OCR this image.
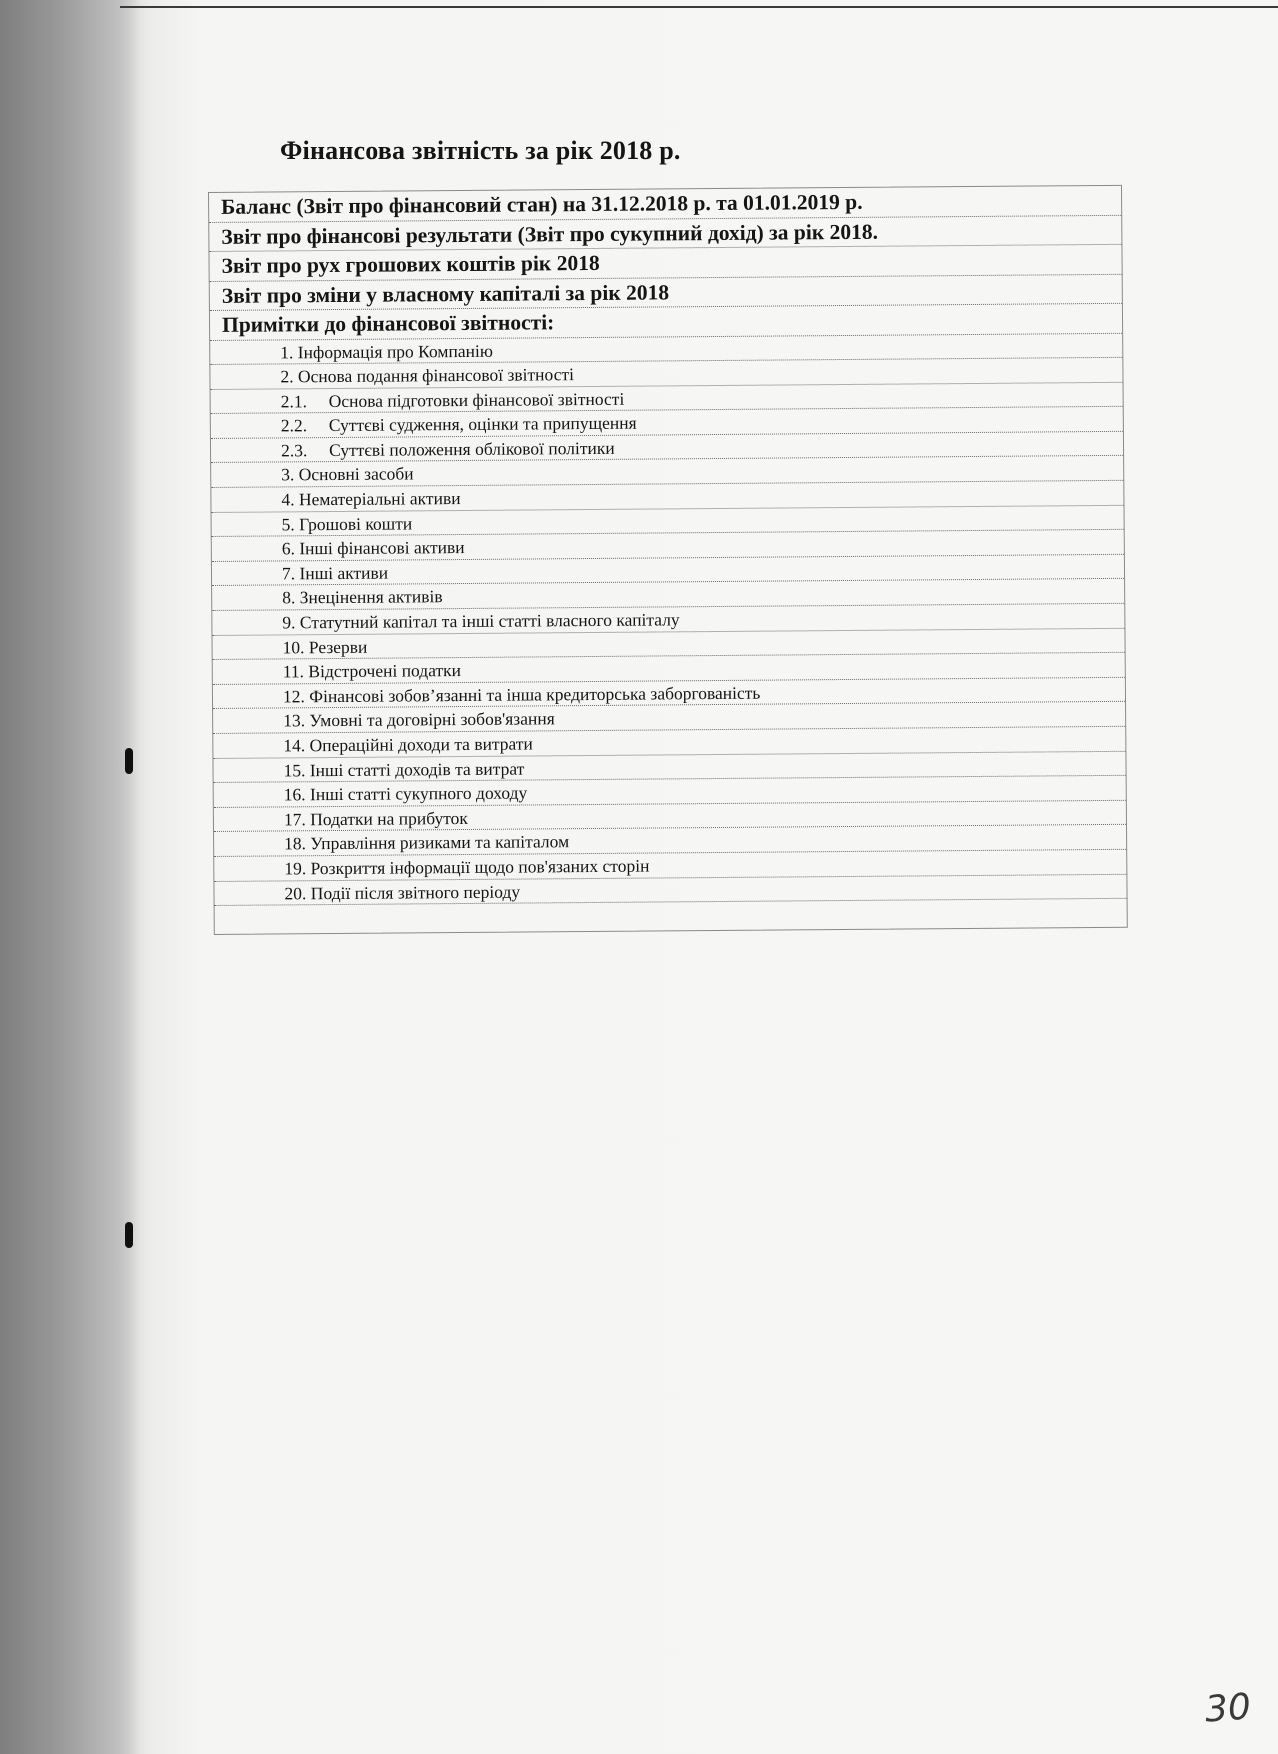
Фінансова звітність за рік 2018 р.
Баланс (Звіт про фінансовий стан) на 31.12.2018 р. та 01.01.2019 р.
Звіт про фінансові результати (Звіт про сукупний дохід) за рік 2018.
Звіт про рух грошових коштів рік 2018
Звіт про зміни у власному капіталі за рік 2018
Примітки до фінансової звітності:
1. Інформація про Компанію
2. Основа подання фінансової звітності
2.1. Основа підготовки фінансової звітності
2.2. Суттєві судження, оцінки та припущення
2.3. Суттєві положення облікової політики
3. Основні засоби
4. Нематеріальні активи
5. Грошові кошти
6. Інші фінансові активи
7. Інші активи
8. Знецінення активів
9. Статутний капітал та інші статті власного капіталу
10. Резерви
11. Відстрочені податки
12. Фінансові зобов’язанні та інша кредиторська заборгованість
13. Умовні та договірні зобов'язання
14. Операційні доходи та витрати
15. Інші статті доходів та витрат
16. Інші статті сукупного доходу
17. Податки на прибуток
18. Управління ризиками та капіталом
19. Розкриття інформації щодо пов'язаних сторін
20. Події після звітного періоду
30
